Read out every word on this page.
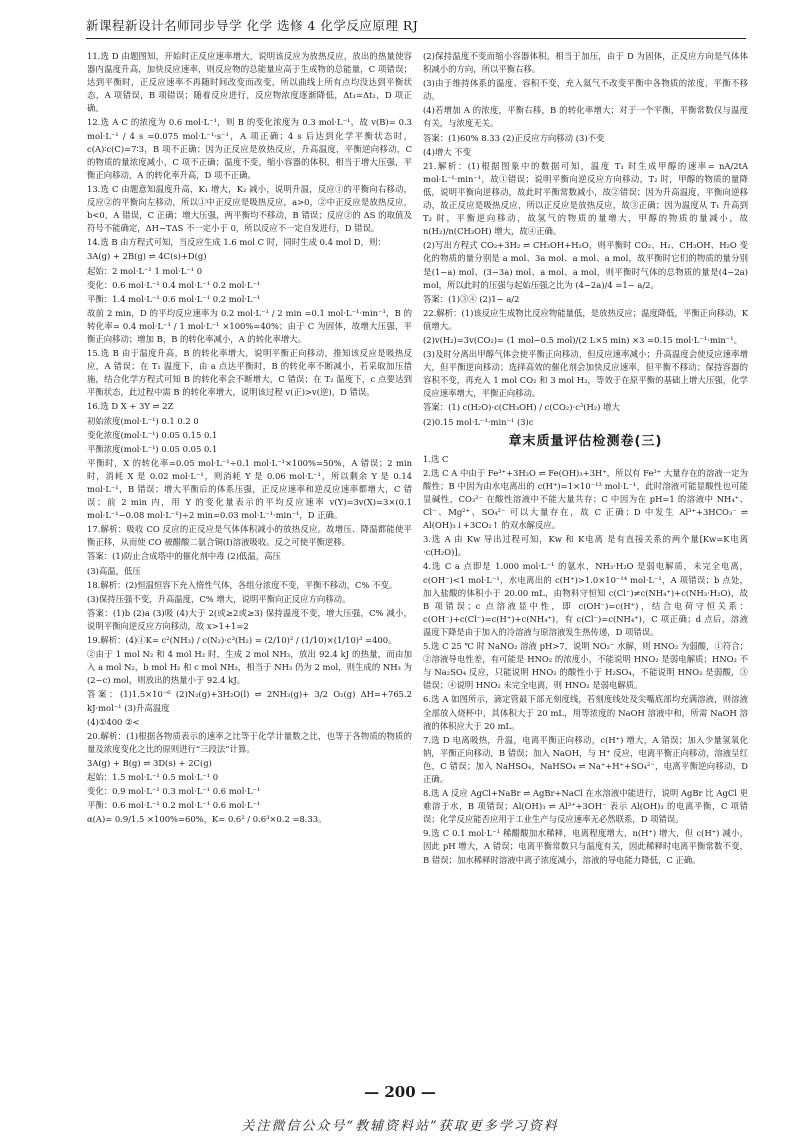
新课程新设计名师同步导学 化学 选修 4 化学反应原理 RJ

11.选 D 由题图知，开始时正反应速率增大，说明该反应为放热反应，放出的热量使容器内温度升高，加快反应速率，则反应物的总能量应高于生成物的总能量，C 项错误；达到平衡时，正反应速率不再随时间改变而改变，所以曲线上所有点均没达到平衡状态，A 项错误，B 项错误；随着反应进行，反应物浓度逐渐降低，Δt₁=Δt₂，D 项正确。

12.选 A C 的浓度为 0.6 mol·L⁻¹，则 B 的变化浓度为 0.3 mol·L⁻¹，故 v(B)= 0.3 mol·L⁻¹ / 4 s =0.075 mol·L⁻¹·s⁻¹，A 项正确；4 s 后达到化学平衡状态时，c(A)∶c(C)=7∶3，B 项不正确；因为正反应是放热反应，升高温度，平衡逆向移动，C 的物质的量浓度减小，C 项不正确；温度不变，缩小容器的体积，相当于增大压强，平衡正向移动，A 的转化率升高，D 项不正确。

13.选 C 由题意知温度升高，K₁ 增大，K₂ 减小，说明升温，反应①的平衡向右移动，反应②的平衡向左移动，所以①中正反应是吸热反应，a>0，②中正反应是放热反应，b<0，A 错误，C 正确；增大压强，两平衡均不移动，B 错误；反应②的 ΔS 的取值及符号不能确定，ΔH−TΔS 不一定小于 0，所以反应不一定自发进行，D 错误。

14.选 B 由方程式可知，当反应生成 1.6 mol C 时，同时生成 0.4 mol D，则：

3A(g) + 2B(g) ⇌ 4C(s)+D(g)

起始：2 mol·L⁻¹ 1 mol·L⁻¹ 0

变化：0.6 mol·L⁻¹ 0.4 mol·L⁻¹ 0.2 mol·L⁻¹

平衡：1.4 mol·L⁻¹ 0.6 mol·L⁻¹ 0.2 mol·L⁻¹

故前 2 min，D 的平均反应速率为 0.2 mol·L⁻¹ / 2 min =0.1 mol·L⁻¹·min⁻¹，B 的转化率= 0.4 mol·L⁻¹ / 1 mol·L⁻¹ ×100%=40%；由于 C 为固体，故增大压强，平衡正向移动；增加 B，B 的转化率减小，A 的转化率增大。

15.选 B 由于温度升高，B 的转化率增大，说明平衡正向移动，推知该反应是吸热反应，A 错误；在 T₁ 温度下，由 a 点达平衡时，B 的转化率不断减小，若采取加压措施，结合化学方程式可知 B 的转化率会不断增大，C 错误；在 T₂ 温度下，c 点要达到平衡状态，此过程中需 B 的转化率增大，说明该过程 v(正)>v(逆)，D 错误。

16.选 D X + 3Y ⇌ 2Z

初始浓度(mol·L⁻¹) 0.1 0.2 0

变化浓度(mol·L⁻¹) 0.05 0.15 0.1

平衡浓度(mol·L⁻¹) 0.05 0.05 0.1

平衡时，X 的转化率=0.05 mol·L⁻¹÷0.1 mol·L⁻¹×100%=50%，A 错误；2 min 时，消耗 X 是 0.02 mol·L⁻¹，则消耗 Y 是 0.06 mol·L⁻¹，所以剩余 Y 是 0.14 mol·L⁻¹，B 错误；增大平衡后的体系压强，正反应速率和逆反应速率都增大，C 错误；前 2 min 内，用 Y 的变化量表示的平均反应速率 v(Y)=3v(X)=3×(0.1 mol·L⁻¹−0.08 mol·L⁻¹)÷2 min=0.03 mol·L⁻¹·min⁻¹，D 正确。

17.解析：吸收 CO 反应的正反应是气体体积减小的放热反应。故增压、降温都能使平衡正移，从而使 CO 被醋酸二氨合铜(Ⅰ)溶液吸收。反之可使平衡逆移。

答案：(1)防止合成塔中的催化剂中毒 (2)低温，高压

(3)高温，低压

18.解析：(2)恒温恒容下充入惰性气体，各组分浓度不变，平衡不移动，C% 不变。

(3)保持压强不变，升高温度，C% 增大，说明平衡向正反应方向移动。

答案：(1)b (2)a (3)吸 (4)大于 2(或≥2或≥3) 保持温度不变，增大压强，C% 减小，说明平衡向逆反应方向移动，故 x>1+1=2

19.解析：(4)①K= c²(NH₃) / c(N₂)·c³(H₂) = (2/10)² / (1/10)×(1/10)³ =400。

②由于 1 mol N₂ 和 4 mol H₂ 时，生成 2 mol NH₃，放出 92.4 kJ 的热量，而由加入 a mol N₂，b mol H₂ 和 c mol NH₃，相当于 NH₃ 仍为 2 mol，则生成的 NH₃ 为(2−c) mol，则放出的热量小于 92.4 kJ。

答案：(1)1.5×10⁻⁶ (2)N₂(g)+3H₂O(l) ⇌ 2NH₃(g)+ 3/2 O₂(g) ΔH=+765.2 kJ·mol⁻¹ (3)升高温度

(4)①400 ②<

20.解析：(1)根据各物质表示的速率之比等于化学计量数之比，也等于各物质的物质的量及浓度变化之比的原则进行“三段法”计算。

3A(g) + B(g) ⇌ 3D(s) + 2C(g)

起始：1.5 mol·L⁻¹ 0.5 mol·L⁻¹ 0

变化：0.9 mol·L⁻¹ 0.3 mol·L⁻¹ 0.6 mol·L⁻¹

平衡：0.6 mol·L⁻¹ 0.2 mol·L⁻¹ 0.6 mol·L⁻¹

α(A)= 0.9/1.5 ×100%=60%，K= 0.6² / 0.6³×0.2 =8.33。

(2)保持温度不变而缩小容器体积，相当于加压，由于 D 为固体，正反应方向是气体体积减小的方向，所以平衡右移。

(3)由于维持体系的温度、容积不变，充入氦气不改变平衡中各物质的浓度，平衡不移动。

(4)若增加 A 的浓度，平衡右移，B 的转化率增大；对于一个平衡，平衡常数仅与温度有关，与浓度无关。

答案：(1)60% 8.33 (2)正反应方向移动 (3)不变

(4)增大 不变

21.解析：(1)根据图象中的数据可知，温度 T₁ 时生成甲醇的速率= nA/2tA mol·L⁻¹·min⁻¹，故①错误；说明平衡向逆反应方向移动，T₂ 时，甲醇的物质的量降低，说明平衡向逆移动，故此时平衡常数减小，故②错误；因为升高温度，平衡向逆移动，故正反应是吸热反应，所以正反应是放热反应，故③正确；因为温度从 T₁ 升高到 T₂ 时，平衡逆向移动，故氢气的物质的量增大，甲醇的物质的量减小，故 n(H₂)/n(CH₃OH) 增大，故④正确。

(2)写出方程式 CO₂+3H₂ ⇌ CH₃OH+H₂O，则平衡时 CO₂、H₂、CH₃OH、H₂O 变化的物质的量分别是 a mol、3a mol、a mol、a mol，故平衡时它们的物质的量分别是(1−a) mol、(3−3a) mol、a mol、a mol，则平衡时气体的总物质的量是(4−2a) mol，所以此时的压强与起始压强之比为 (4−2a)/4 =1− a/2。

答案：(1)③④ (2)1− a/2

22.解析：(1)该反应生成物比反应物能量低，是放热反应；温度降低，平衡正向移动，K 值增大。

(2)v(H₂)=3v(CO₂)= (1 mol−0.5 mol)/(2 L×5 min) ×3 =0.15 mol·L⁻¹·min⁻¹。

(3)及时分离出甲醇气体会使平衡正向移动，但反应速率减小；升高温度会使反应速率增大，但平衡逆向移动；选择高效的催化剂会加快反应速率，但平衡不移动；保持容器的容积不变，再充入 1 mol CO₂ 和 3 mol H₂，等效于在原平衡的基础上增大压强，化学反应速率增大，平衡正向移动。

答案：(1) c(H₂O)·c(CH₃OH) / c(CO₂)·c³(H₂) 增大

(2)0.15 mol·L⁻¹·min⁻¹ (3)c

章末质量评估检测卷(三)

1.选 C

2.选 C A 中由于 Fe³⁺+3H₂O ⇌ Fe(OH)₃+3H⁺，所以有 Fe³⁺ 大量存在的溶液一定为酸性；B 中因为由水电离出的 c(H⁺)=1×10⁻¹³ mol·L⁻¹，此时溶液可能显酸性也可能显碱性，CO₃²⁻ 在酸性溶液中不能大量共存；C 中因为在 pH=1 的溶液中 NH₄⁺、Cl⁻、Mg²⁺、SO₄²⁻ 可以大量存在，故 C 正确；D 中发生 Al³⁺+3HCO₃⁻ ⇌ Al(OH)₃↓+3CO₂↑ 的双水解反应。

3.选 A 由 Kw 导出过程可知，Kw 和 K电离 是有直接关系的两个量[Kw=K电离·c(H₂O)]。

4.选 C a 点即是 1.000 mol·L⁻¹ 的氨水，NH₃·H₂O 是弱电解质，未完全电离，c(OH⁻)<1 mol·L⁻¹，水电离出的 c(H⁺)>1.0×10⁻¹⁴ mol·L⁻¹，A 项错误；b 点处，加入盐酸的体积小于 20.00 mL，由物料守恒知 c(Cl⁻)≠c(NH₄⁺)+c(NH₃·H₂O)，故 B 项错误；c 点溶液显中性，即 c(OH⁻)=c(H⁺)，结合电荷守恒关系：c(OH⁻)+c(Cl⁻)=c(H⁺)+c(NH₄⁺)，有 c(Cl⁻)=c(NH₄⁺)，C 项正确；d 点后，溶液温度下降是由于加入的冷溶液与原溶液发生热传递，D 项错误。

5.选 C 25 ℃ 时 NaNO₂ 溶液 pH>7，说明 NO₂⁻ 水解，则 HNO₂ 为弱酸，①符合；②溶液导电性差，有可能是 HNO₂ 的浓度小，不能说明 HNO₂ 是弱电解质；HNO₂ 不与 Na₂SO₄ 反应，只能说明 HNO₂ 的酸性小于 H₂SO₄，不能说明 HNO₂ 是弱酸，③错误；④说明 HNO₂ 未完全电离，则 HNO₂ 是弱电解质。

6.选 A 如图所示，滴定管最下部无刻度线，若刻度线处及尖嘴底部均充满溶液，则溶液全部放入烧杯中，其体积大于 20 mL，用等浓度的 NaOH 溶液中和，所需 NaOH 溶液的体积应大于 20 mL。

7.选 D 电离吸热，升温，电离平衡正向移动，c(H⁺) 增大，A 错误；加入少量氢氧化钠，平衡正向移动，B 错误；加入 NaOH，与 H⁺ 反应，电离平衡正向移动，溶液呈红色，C 错误；加入 NaHSO₄，NaHSO₄ ⇌ Na⁺+H⁺+SO₄²⁻，电离平衡逆向移动，D 正确。

8.选 A 反应 AgCl+NaBr ⇌ AgBr+NaCl 在水溶液中能进行，说明 AgBr 比 AgCl 更难溶于水，B 项错误；Al(OH)₃ ⇌ Al³⁺+3OH⁻ 表示 Al(OH)₃ 的电离平衡，C 项错误；化学反应能否应用于工业生产与反应速率无必然联系，D 项错误。

9.选 C 0.1 mol·L⁻¹ 稀醋酸加水稀释，电离程度增大，n(H⁺) 增大，但 c(H⁺) 减小，因此 pH 增大，A 错误；电离平衡常数只与温度有关，因此稀释时电离平衡常数不变，B 错误；加水稀释时溶液中离子浓度减小，溶液的导电能力降低，C 正确。

— 200 —
关注微信公众号“教辅资料站”获取更多学习资料
